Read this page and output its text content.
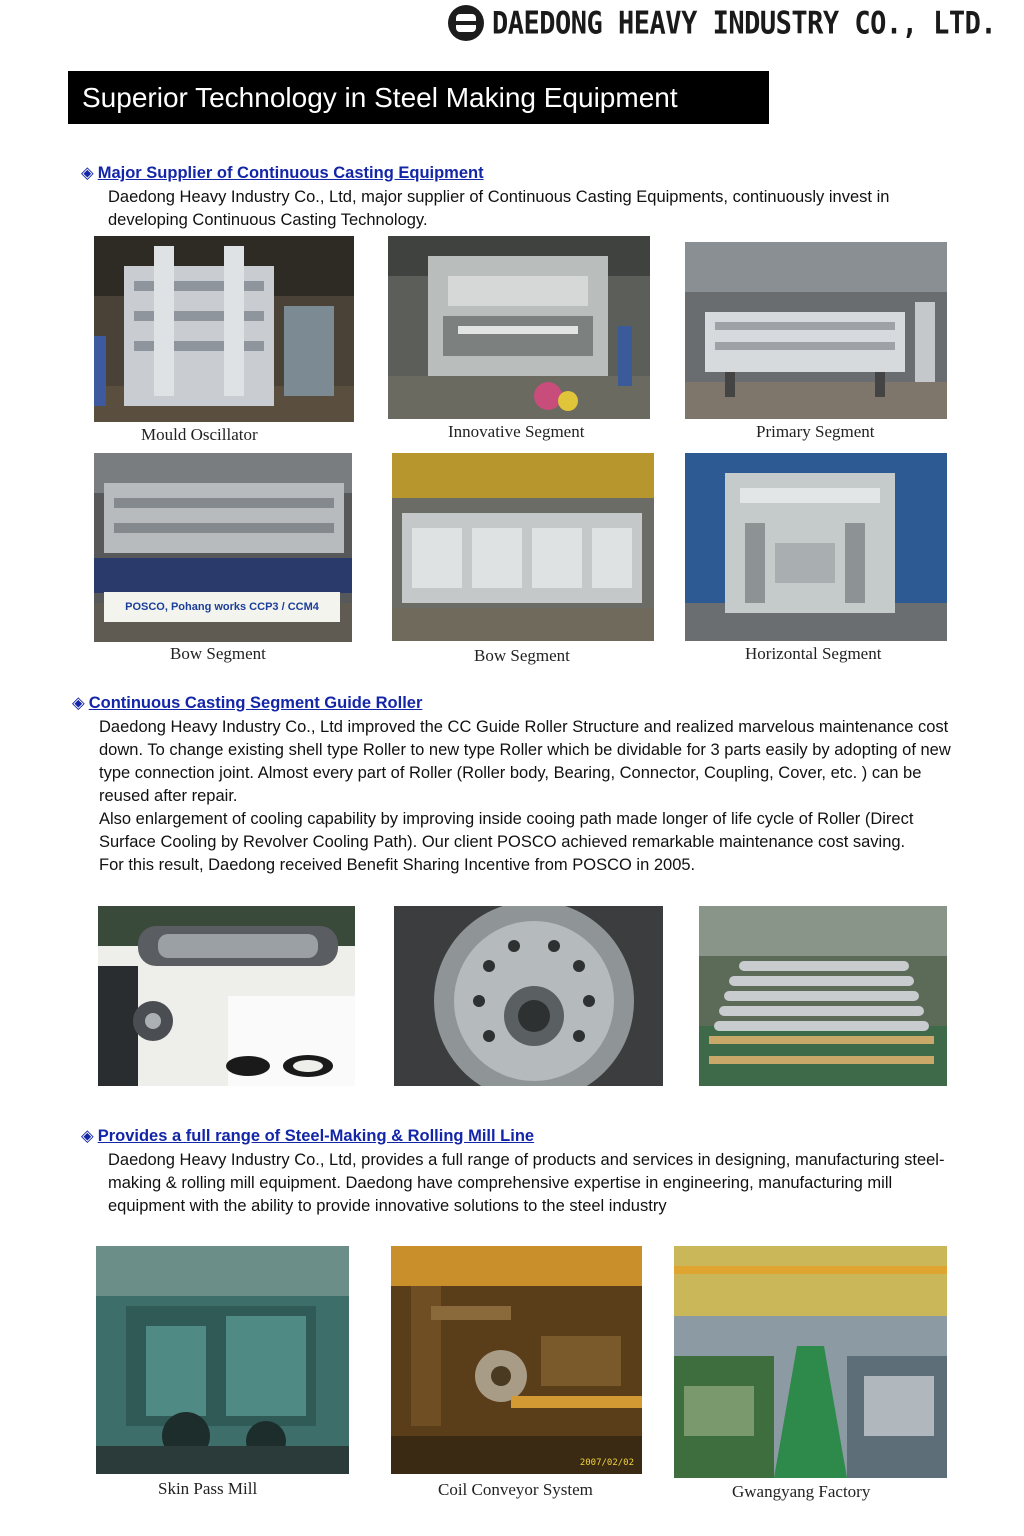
DAEDONG HEAVY INDUSTRY CO., LTD.
Superior Technology in Steel Making Equipment
◈ Major Supplier of Continuous Casting Equipment

Daedong Heavy Industry Co., Ltd, major supplier of Continuous Casting Equipments, continuously invest in developing Continuous Casting Technology.

Mould Oscillator	Innovative Segment	Primary Segment
POSCO, Pohang works CCP3 / CCM4
Bow Segment	Bow Segment	Horizontal Segment
◈ Continuous Casting Segment Guide Roller

Daedong Heavy Industry Co., Ltd improved the CC Guide Roller Structure and realized marvelous maintenance cost down. To change existing shell type Roller to new type Roller which be dividable for 3 parts easily by adopting of new type connection joint. Almost every part of Roller (Roller body, Bearing, Connector, Coupling, Cover, etc. ) can be reused after repair.

Also enlargement of cooling capability by improving inside cooing path made longer of life cycle of Roller (Direct Surface Cooling by Revolver Cooling Path). Our client POSCO achieved remarkable maintenance cost saving.

For this result, Daedong received Benefit Sharing Incentive from POSCO in 2005.

◈ Provides a full range of Steel-Making & Rolling Mill Line

Daedong Heavy Industry Co., Ltd, provides a full range of products and services in designing, manufacturing steel-making & rolling mill equipment. Daedong have comprehensive expertise in engineering, manufacturing mill equipment with the ability to provide innovative solutions to the steel industry

Skin Pass Mill
2007/02/02
Coil Conveyor System	Gwangyang Factory
